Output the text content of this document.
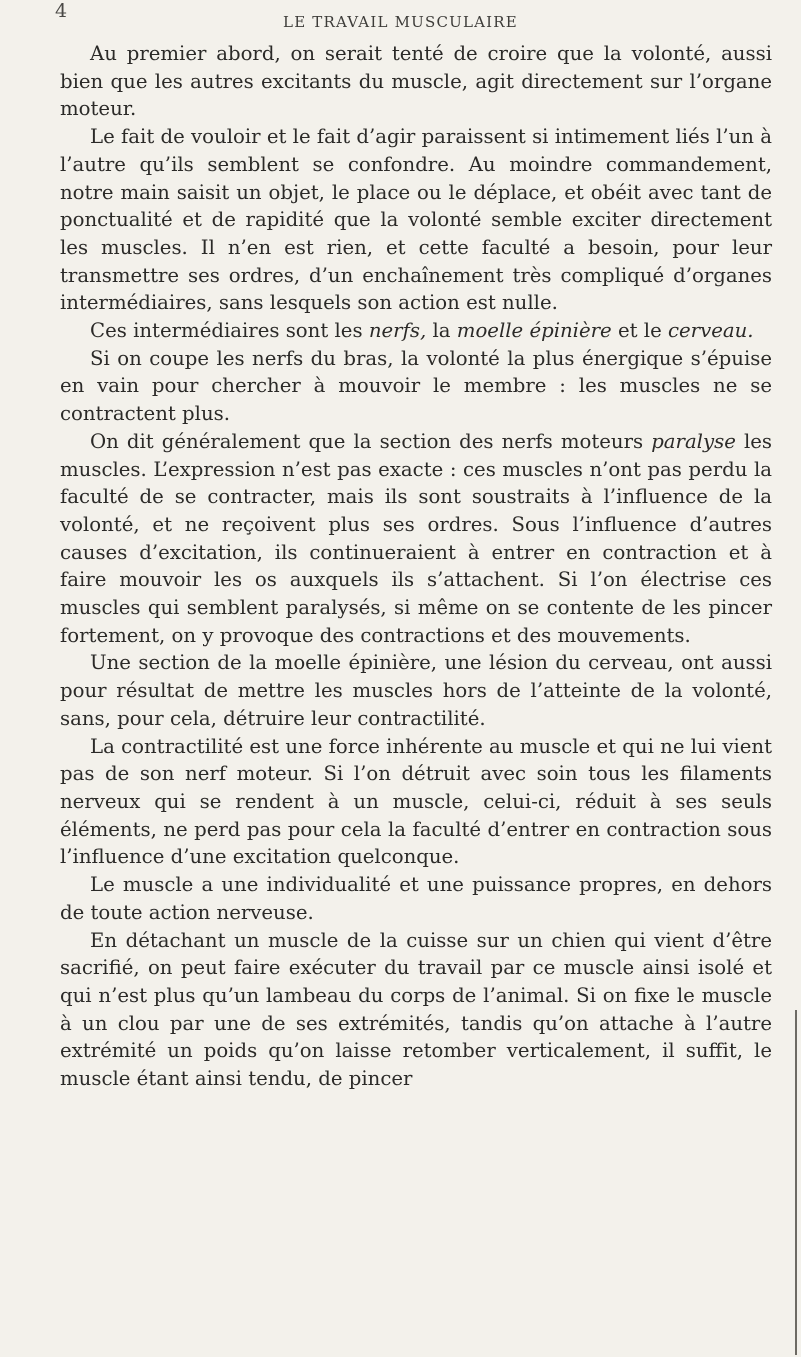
4	LE TRAVAIL MUSCULAIRE

Au premier abord, on serait tenté de croire que la volonté, aussi bien que les autres excitants du muscle, agit directement sur l’organe moteur.

Le fait de vouloir et le fait d’agir paraissent si intimement liés l’un à l’autre qu’ils semblent se confondre. Au moindre commandement, notre main saisit un objet, le place ou le déplace, et obéit avec tant de ponctualité et de rapidité que la volonté semble exciter directement les muscles. Il n’en est rien, et cette faculté a besoin, pour leur transmettre ses ordres, d’un enchaînement très compliqué d’organes intermédiaires, sans lesquels son action est nulle.

Ces intermédiaires sont les nerfs, la moelle épinière et le cerveau.

Si on coupe les nerfs du bras, la volonté la plus énergique s’épuise en vain pour chercher à mouvoir le membre : les muscles ne se contractent plus.

On dit généralement que la section des nerfs moteurs paralyse les muscles. L’expression n’est pas exacte : ces muscles n’ont pas perdu la faculté de se contracter, mais ils sont soustraits à l’influence de la volonté, et ne reçoivent plus ses ordres. Sous l’influence d’autres causes d’excitation, ils continueraient à entrer en contraction et à faire mouvoir les os auxquels ils s’attachent. Si l’on électrise ces muscles qui semblent paralysés, si même on se contente de les pincer fortement, on y provoque des contractions et des mouvements.

Une section de la moelle épinière, une lésion du cerveau, ont aussi pour résultat de mettre les muscles hors de l’atteinte de la volonté, sans, pour cela, détruire leur contractilité.

La contractilité est une force inhérente au muscle et qui ne lui vient pas de son nerf moteur. Si l’on détruit avec soin tous les filaments nerveux qui se rendent à un muscle, celui-ci, réduit à ses seuls éléments, ne perd pas pour cela la faculté d’entrer en contraction sous l’influence d’une excitation quelconque.

Le muscle a une individualité et une puissance propres, en dehors de toute action nerveuse.

En détachant un muscle de la cuisse sur un chien qui vient d’être sacrifié, on peut faire exécuter du travail par ce muscle ainsi isolé et qui n’est plus qu’un lambeau du corps de l’animal. Si on fixe le muscle à un clou par une de ses extrémités, tandis qu’on attache à l’autre extrémité un poids qu’on laisse retomber verticalement, il suffit, le muscle étant ainsi tendu, de pincer
